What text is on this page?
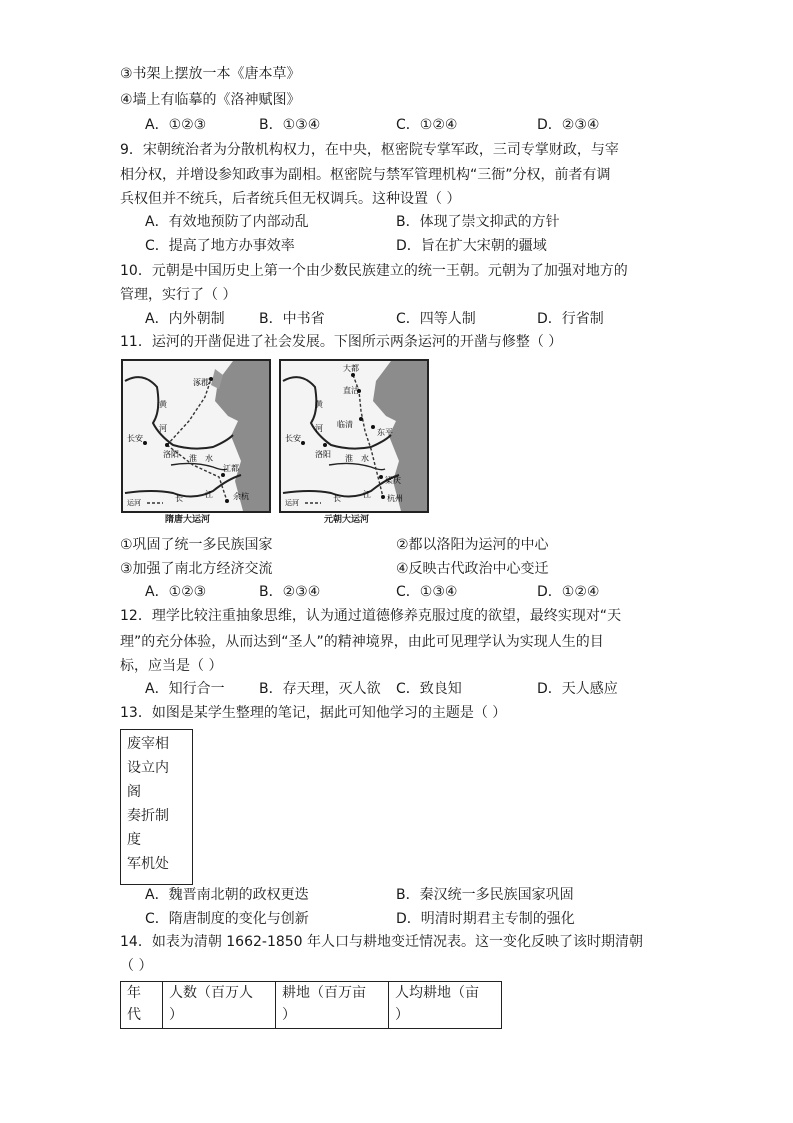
③书架上摆放一本《唐本草》
④墙上有临摹的《洛神赋图》
A．①②③	B．①③④	C．①②④	D．②③④
9．宋朝统治者为分散机构权力，在中央，枢密院专掌军政，三司专掌财政，与宰
相分权，并增设参知政事为副相。枢密院与禁军管理机构“三衙”分权，前者有调
兵权但并不统兵，后者统兵但无权调兵。这种设置（ ）
A．有效地预防了内部动乱	B．体现了崇文抑武的方针
C．提高了地方办事效率	D．旨在扩大宋朝的疆域
10．元朝是中国历史上第一个由少数民族建立的统一王朝。元朝为了加强对地方的
管理，实行了（ ）
A．内外朝制 B．中书省	C．四等人制	D．行省制
11．运河的开凿促进了社会发展。下图所示两条运河的开凿与修整（ ）
涿郡
黄
河
长安
洛阳 淮 水
江都
余杭
长	江
运河
隋唐大运河
大都
直沽
黄
河 临清
东平
长安
洛阳 淮 水
梁庆
杭州
长	江
运河
元朝大运河
①巩固了统一多民族国家	②都以洛阳为运河的中心
③加强了南北方经济交流	④反映古代政治中心变迁
A．①②③	B．②③④	C．①③④	D．①②④
12．理学比较注重抽象思维，认为通过道德修养克服过度的欲望，最终实现对“天
理”的充分体验，从而达到“圣人”的精神境界，由此可见理学认为实现人生的目
标，应当是（ ）
A．知行合一 B．存天理，灭人欲 C．致良知	D．天人感应
13．如图是某学生整理的笔记，据此可知他学习的主题是（ ）
废宰相
设立内
阁
奏折制
度
军机处
A．魏晋南北朝的政权更迭	B．秦汉统一多民族国家巩固
C．隋唐制度的变化与创新	D．明清时期君主专制的强化
14．如表为清朝 1662-1850 年人口与耕地变迁情况表。这一变化反映了该时期清朝
（ ）
年
代

人数（百万人
）

耕地（百万亩
）

人均耕地（亩
）
